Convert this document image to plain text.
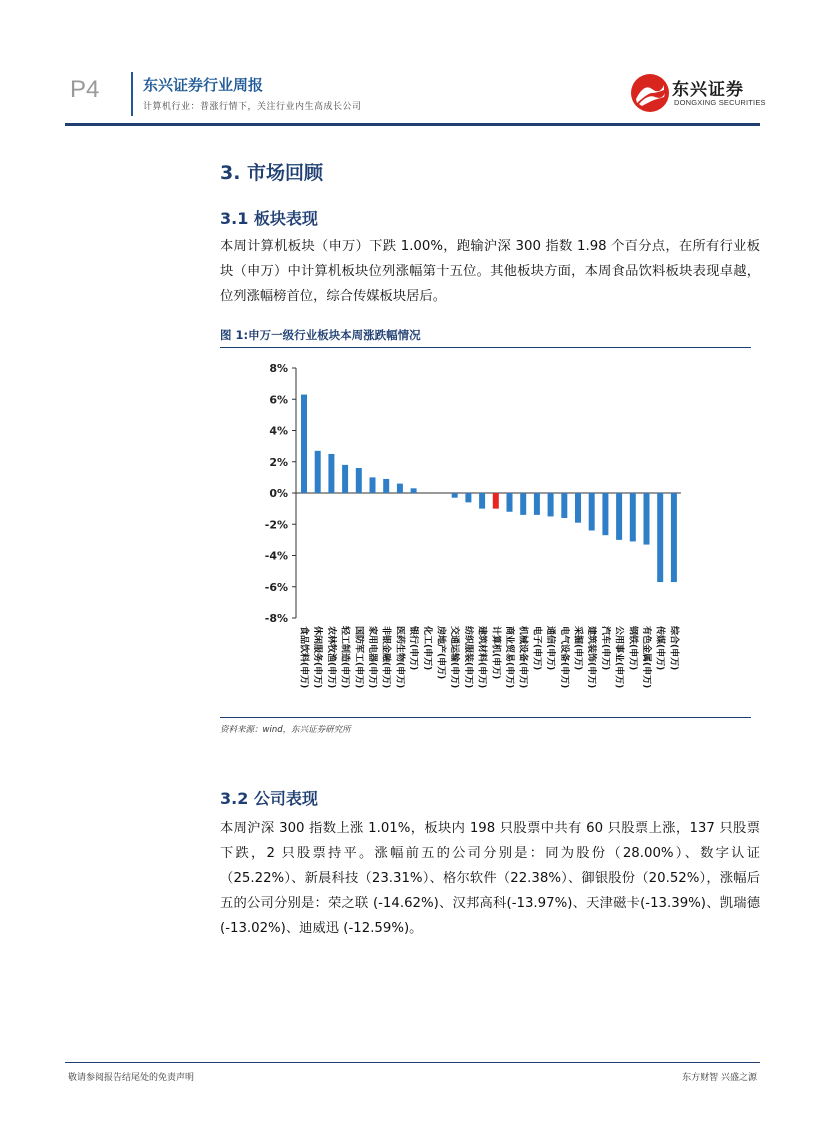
P4	东兴证券行业周报
计算机行业：普涨行情下，关注行业内生高成长公司
东兴证券
DONGXING SECURITIES
3. 市场回顾
3.1 板块表现
本周计算机板块（申万）下跌 1.00%，跑输沪深 300 指数 1.98 个百分点，在所有行业板块（申万）中计算机板块位列涨幅第十五位。其他板块方面，本周食品饮料板块表现卓越，位列涨幅榜首位，综合传媒板块居后。
图 1:申万一级行业板块本周涨跌幅情况
8%
6%
4%
2%
0%
-2%
-4%
-6%
-8%
食品饮料(申万) 休闲服务(申万) 农林牧渔(申万) 轻工制造(申万) 国防军工(申万) 家用电器(申万) 非银金融(申万) 医药生物(申万) 银行(申万) 化工(申万) 房地产(申万) 交通运输(申万) 纺织服装(申万) 建筑材料(申万) 计算机(申万) 商业贸易(申万) 机械设备(申万) 电子(申万) 通信(申万) 电气设备(申万) 采掘(申万) 建筑装饰(申万) 汽车(申万) 公用事业(申万) 钢铁(申万) 有色金属(申万) 传媒(申万) 综合(申万)
资料来源：wind，东兴证券研究所
3.2 公司表现
本周沪深 300 指数上涨 1.01%，板块内 198 只股票中共有 60 只股票上涨，137 只股票下跌，2 只股票持平。涨幅前五的公司分别是：同为股份（28.00%）、数字认证（25.22%）、新晨科技（23.31%）、格尔软件（22.38%）、御银股份（20.52%），涨幅后五的公司分别是：荣之联 (-14.62%)、汉邦高科(-13.97%)、天津磁卡(-13.39%)、凯瑞德(-13.02%)、迪威迅 (-12.59%)。
敬请参阅报告结尾处的免责声明	东方财智 兴盛之源
